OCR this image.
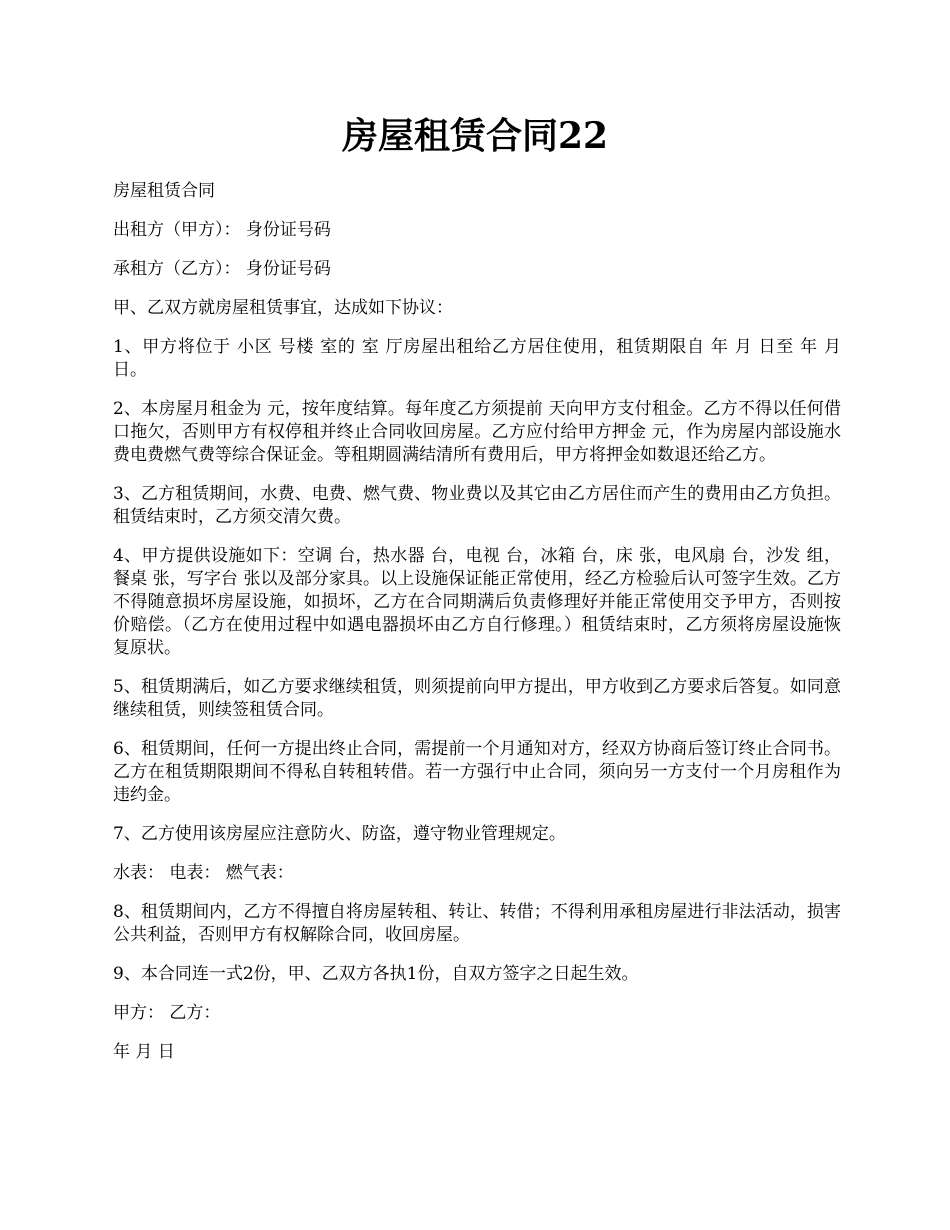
房屋租赁合同22

房屋租赁合同

出租方（甲方）： 身份证号码

承租方（乙方）： 身份证号码

甲、乙双方就房屋租赁事宜，达成如下协议：

1、甲方将位于 小区 号楼 室的 室 厅房屋出租给乙方居住使用，租赁期限自 年 月 日至 年 月 日。

2、本房屋月租金为 元，按年度结算。每年度乙方须提前 天向甲方支付租金。乙方不得以任何借口拖欠，否则甲方有权停租并终止合同收回房屋。乙方应付给甲方押金 元，作为房屋内部设施水费电费燃气费等综合保证金。等租期圆满结清所有费用后，甲方将押金如数退还给乙方。

3、乙方租赁期间，水费、电费、燃气费、物业费以及其它由乙方居住而产生的费用由乙方负担。租赁结束时，乙方须交清欠费。

4、甲方提供设施如下：空调 台，热水器 台，电视 台，冰箱 台，床 张，电风扇 台，沙发 组，餐桌 张，写字台 张以及部分家具。以上设施保证能正常使用，经乙方检验后认可签字生效。乙方不得随意损坏房屋设施，如损坏，乙方在合同期满后负责修理好并能正常使用交予甲方，否则按价赔偿。（乙方在使用过程中如遇电器损坏由乙方自行修理。）租赁结束时，乙方须将房屋设施恢复原状。

5、租赁期满后，如乙方要求继续租赁，则须提前向甲方提出，甲方收到乙方要求后答复。如同意继续租赁，则续签租赁合同。

6、租赁期间，任何一方提出终止合同，需提前一个月通知对方，经双方协商后签订终止合同书。乙方在租赁期限期间不得私自转租转借。若一方强行中止合同，须向另一方支付一个月房租作为违约金。

7、乙方使用该房屋应注意防火、防盗，遵守物业管理规定。

水表： 电表： 燃气表：

8、租赁期间内，乙方不得擅自将房屋转租、转让、转借；不得利用承租房屋进行非法活动，损害公共利益，否则甲方有权解除合同，收回房屋。

9、本合同连一式2份，甲、乙双方各执1份，自双方签字之日起生效。

甲方： 乙方：

年 月 日
